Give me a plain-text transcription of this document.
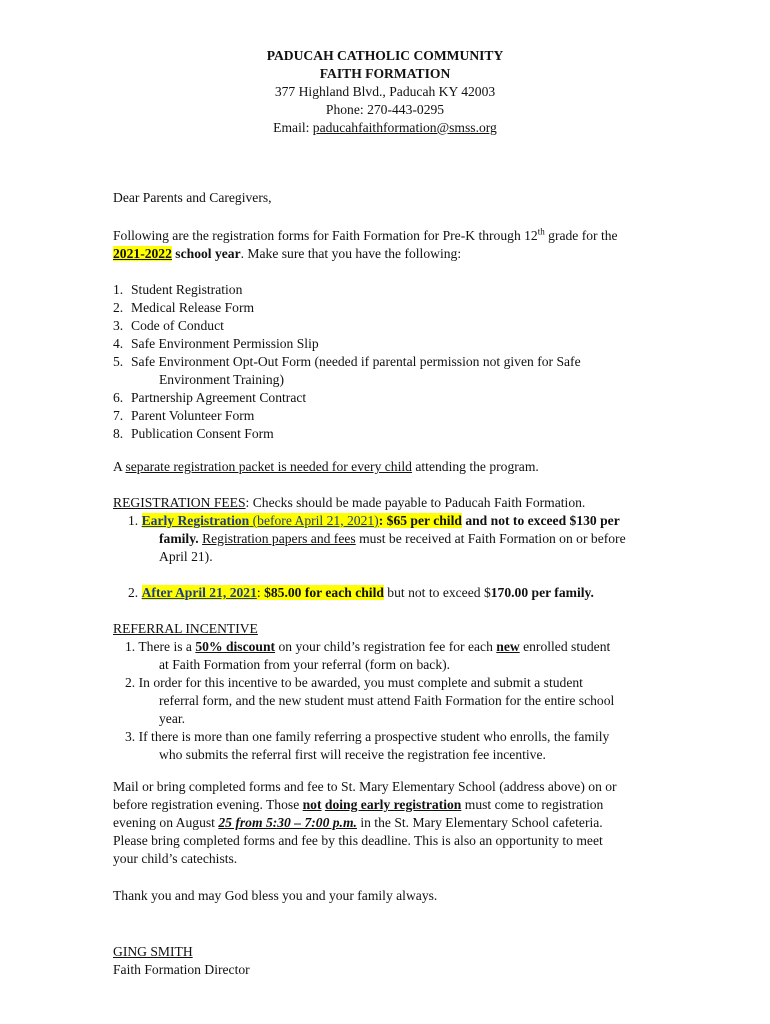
PADUCAH CATHOLIC COMMUNITY
FAITH FORMATION
377 Highland Blvd., Paducah KY 42003
Phone: 270-443-0295
Email: paducahfaithformation@smss.org
Dear Parents and Caregivers,
Following are the registration forms for Faith Formation for Pre-K through 12th grade for the
2021-2022 school year. Make sure that you have the following:
1. Student Registration
2. Medical Release Form
3. Code of Conduct
4. Safe Environment Permission Slip
5. Safe Environment Opt-Out Form (needed if parental permission not given for Safe
Environment Training)
6. Partnership Agreement Contract
7. Parent Volunteer Form
8. Publication Consent Form
A separate registration packet is needed for every child attending the program.
REGISTRATION FEES: Checks should be made payable to Paducah Faith Formation.
1. Early Registration (before April 21, 2021): $65 per child and not to exceed $130 per
family. Registration papers and fees must be received at Faith Formation on or before
April 21).
2. After April 21, 2021: $85.00 for each child but not to exceed $170.00 per family.
REFERRAL INCENTIVE
1. There is a 50% discount on your child’s registration fee for each new enrolled student
at Faith Formation from your referral (form on back).
2. In order for this incentive to be awarded, you must complete and submit a student
referral form, and the new student must attend Faith Formation for the entire school
year.
3. If there is more than one family referring a prospective student who enrolls, the family
who submits the referral first will receive the registration fee incentive.
Mail or bring completed forms and fee to St. Mary Elementary School (address above) on or
before registration evening. Those not doing early registration must come to registration
evening on August 25 from 5:30 – 7:00 p.m. in the St. Mary Elementary School cafeteria.
Please bring completed forms and fee by this deadline. This is also an opportunity to meet
your child’s catechists.
Thank you and may God bless you and your family always.
GING SMITH
Faith Formation Director
